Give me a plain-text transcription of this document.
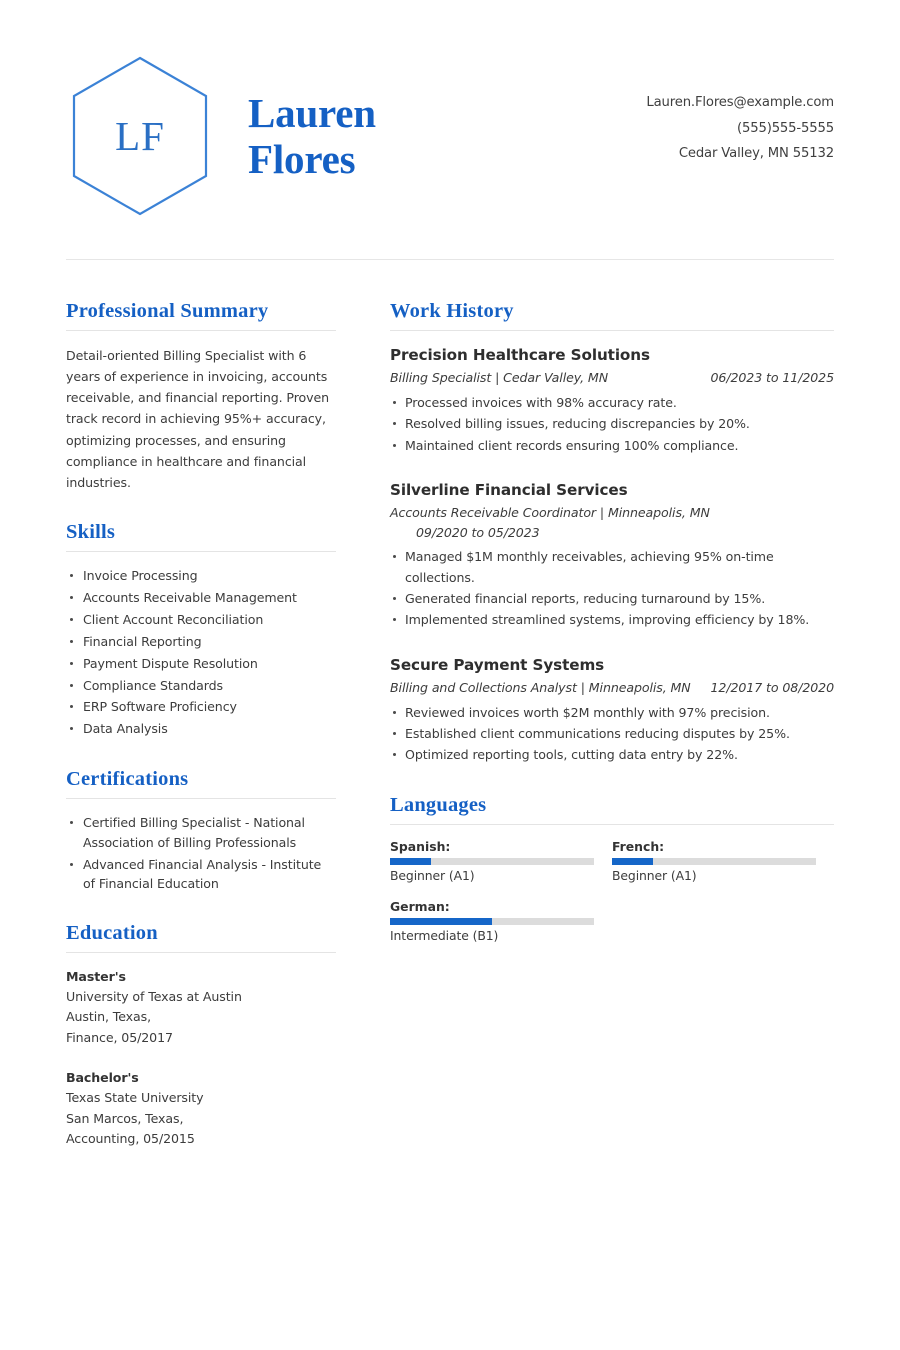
LF
Lauren
Flores
Lauren.Flores@example.com
(555)555-5555
Cedar Valley, MN 55132
Professional Summary
Detail-oriented Billing Specialist with 6 years of experience in invoicing, accounts receivable, and financial reporting. Proven track record in achieving 95%+ accuracy, optimizing processes, and ensuring compliance in healthcare and financial industries.
Skills
Invoice Processing
Accounts Receivable Management
Client Account Reconciliation
Financial Reporting
Payment Dispute Resolution
Compliance Standards
ERP Software Proficiency
Data Analysis
Certifications
Certified Billing Specialist - National Association of Billing Professionals
Advanced Financial Analysis - Institute of Financial Education
Education
Master's
University of Texas at Austin
Austin, Texas,
Finance, 05/2017
Bachelor's
Texas State University
San Marcos, Texas,
Accounting, 05/2015
Work History
Precision Healthcare Solutions
Billing Specialist | Cedar Valley, MN	06/2023 to 11/2025
Processed invoices with 98% accuracy rate.
Resolved billing issues, reducing discrepancies by 20%.
Maintained client records ensuring 100% compliance.
Silverline Financial Services
Accounts Receivable Coordinator | Minneapolis, MN
09/2020 to 05/2023
Managed $1M monthly receivables, achieving 95% on-time collections.
Generated financial reports, reducing turnaround by 15%.
Implemented streamlined systems, improving efficiency by 18%.
Secure Payment Systems
Billing and Collections Analyst | Minneapolis, MN 12/2017 to 08/2020
Reviewed invoices worth $2M monthly with 97% precision.
Established client communications reducing disputes by 25%.
Optimized reporting tools, cutting data entry by 22%.
Languages
Spanish:
Beginner (A1)
French:
Beginner (A1)
German:
Intermediate (B1)
